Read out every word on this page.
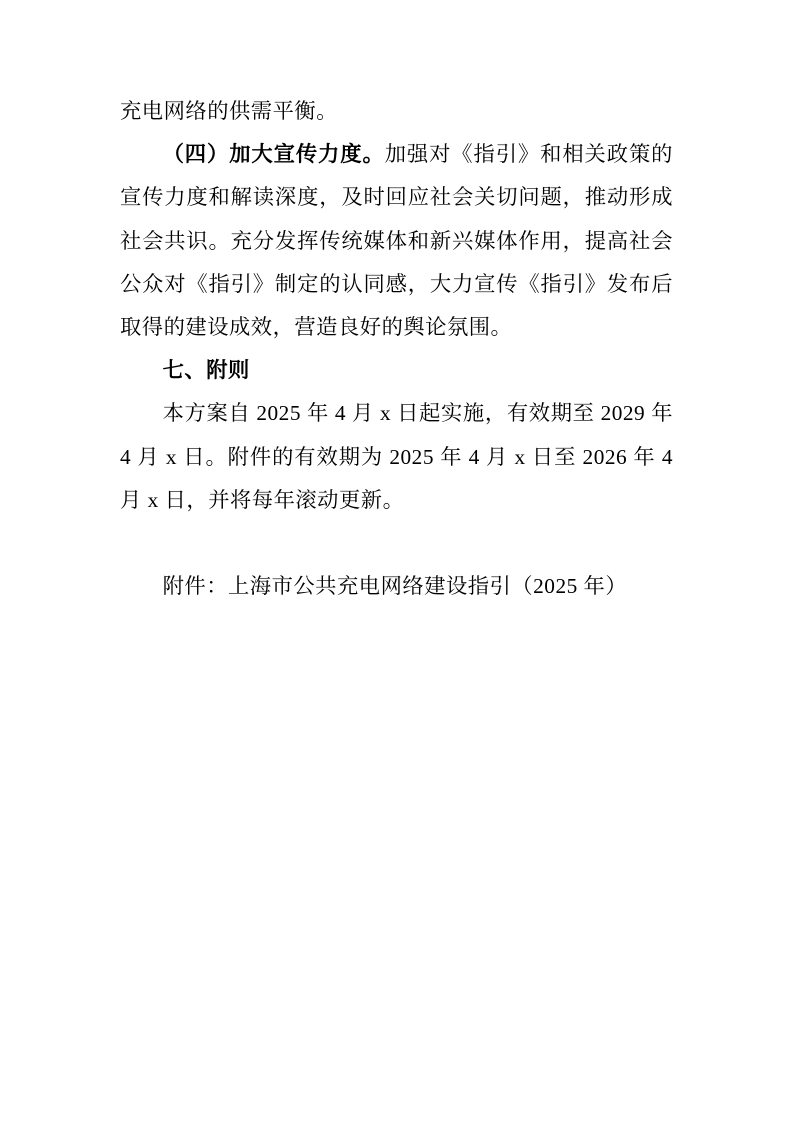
充电网络的供需平衡。

（四）加大宣传力度。加强对《指引》和相关政策的宣传力度和解读深度，及时回应社会关切问题，推动形成社会共识。充分发挥传统媒体和新兴媒体作用，提高社会公众对《指引》制定的认同感，大力宣传《指引》发布后取得的建设成效，营造良好的舆论氛围。

七、附则

本方案自 2025 年 4 月 x 日起实施，有效期至 2029 年 4 月 x 日。附件的有效期为 2025 年 4 月 x 日至 2026 年 4 月 x 日，并将每年滚动更新。

附件：上海市公共充电网络建设指引（2025 年）
